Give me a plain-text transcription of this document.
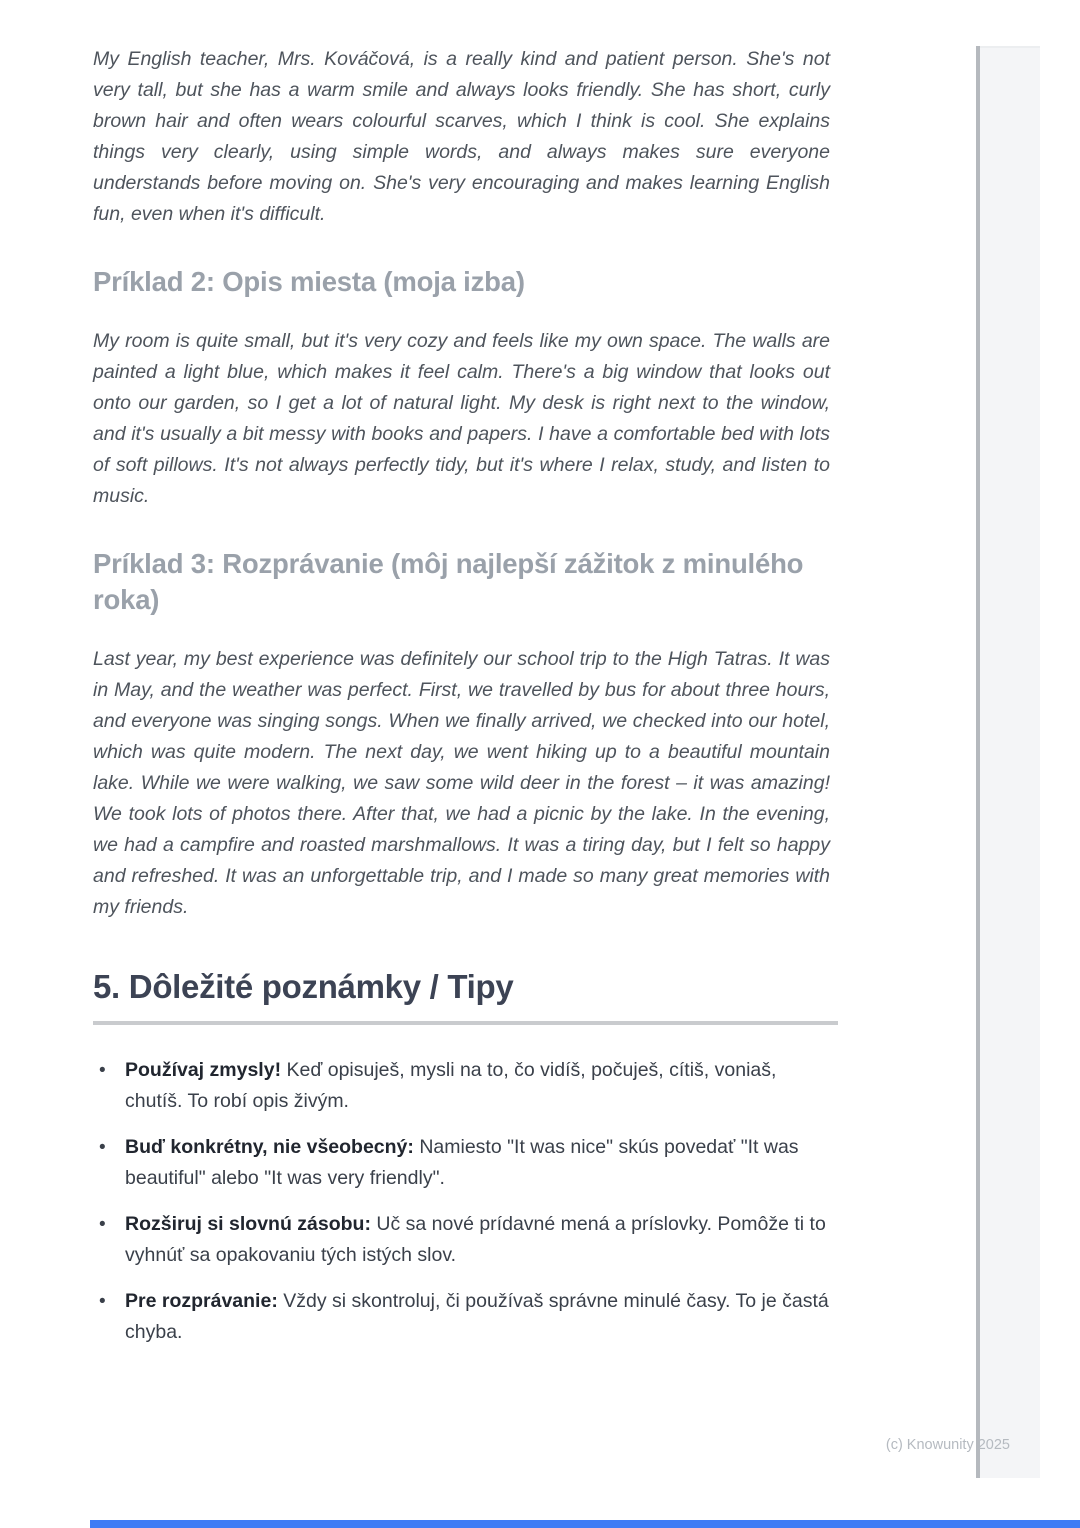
My English teacher, Mrs. Kováčová, is a really kind and patient person. She's not very tall, but she has a warm smile and always looks friendly. She has short, curly brown hair and often wears colourful scarves, which I think is cool. She explains things very clearly, using simple words, and always makes sure everyone understands before moving on. She's very encouraging and makes learning English fun, even when it's difficult.

Príklad 2: Opis miesta (moja izba)

My room is quite small, but it's very cozy and feels like my own space. The walls are painted a light blue, which makes it feel calm. There's a big window that looks out onto our garden, so I get a lot of natural light. My desk is right next to the window, and it's usually a bit messy with books and papers. I have a comfortable bed with lots of soft pillows. It's not always perfectly tidy, but it's where I relax, study, and listen to music.

Príklad 3: Rozprávanie (môj najlepší zážitok z minulého roka)

Last year, my best experience was definitely our school trip to the High Tatras. It was in May, and the weather was perfect. First, we travelled by bus for about three hours, and everyone was singing songs. When we finally arrived, we checked into our hotel, which was quite modern. The next day, we went hiking up to a beautiful mountain lake. While we were walking, we saw some wild deer in the forest – it was amazing! We took lots of photos there. After that, we had a picnic by the lake. In the evening, we had a campfire and roasted marshmallows. It was a tiring day, but I felt so happy and refreshed. It was an unforgettable trip, and I made so many great memories with my friends.

5. Dôležité poznámky / Tipy
• Používaj zmysly! Keď opisuješ, mysli na to, čo vidíš, počuješ, cítiš, voniaš, chutíš. To robí opis živým.
• Buď konkrétny, nie všeobecný: Namiesto "It was nice" skús povedať "It was beautiful" alebo "It was very friendly".
• Rozširuj si slovnú zásobu: Uč sa nové prídavné mená a príslovky. Pomôže ti to vyhnúť sa opakovaniu tých istých slov.
• Pre rozprávanie: Vždy si skontroluj, či používaš správne minulé časy. To je častá chyba.
(c) Knowunity 2025
